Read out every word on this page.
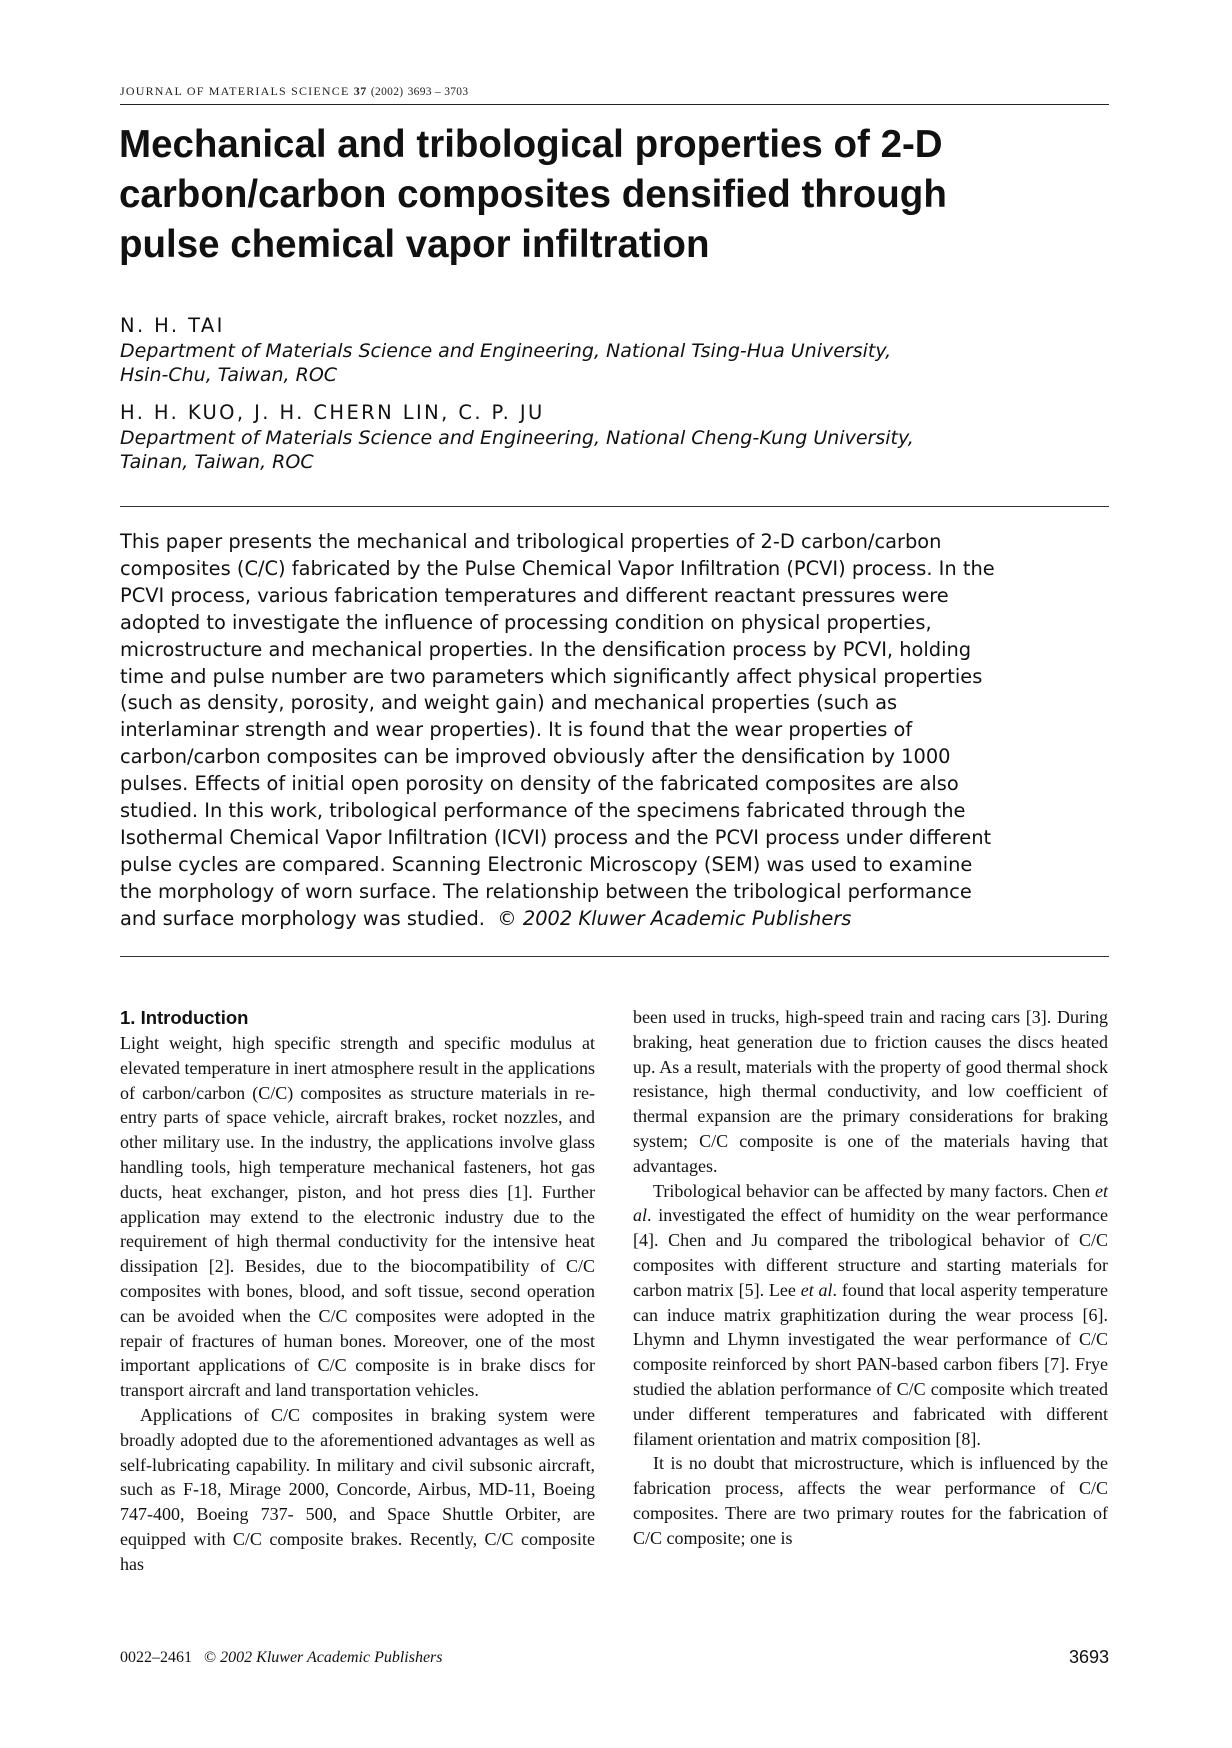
JOURNAL OF MATERIALS SCIENCE 37 (2002) 3693 – 3703
Mechanical and tribological properties of 2-D
carbon/carbon composites densified through
pulse chemical vapor infiltration

N. H. TAI

Department of Materials Science and Engineering, National Tsing-Hua University,
Hsin-Chu, Taiwan, ROC

H. H. KUO, J. H. CHERN LIN, C. P. JU

Department of Materials Science and Engineering, National Cheng-Kung University,
Tainan, Taiwan, ROC

This paper presents the mechanical and tribological properties of 2-D carbon/carbon
composites (C/C) fabricated by the Pulse Chemical Vapor Infiltration (PCVI) process. In the
PCVI process, various fabrication temperatures and different reactant pressures were
adopted to investigate the influence of processing condition on physical properties,
microstructure and mechanical properties. In the densification process by PCVI, holding
time and pulse number are two parameters which significantly affect physical properties
(such as density, porosity, and weight gain) and mechanical properties (such as
interlaminar strength and wear properties). It is found that the wear properties of
carbon/carbon composites can be improved obviously after the densification by 1000
pulses. Effects of initial open porosity on density of the fabricated composites are also
studied. In this work, tribological performance of the specimens fabricated through the
Isothermal Chemical Vapor Infiltration (ICVI) process and the PCVI process under different
pulse cycles are compared. Scanning Electronic Microscopy (SEM) was used to examine
the morphology of worn surface. The relationship between the tribological performance
and surface morphology was studied. © 2002 Kluwer Academic Publishers

1. Introduction

Light weight, high specific strength and specific modulus at elevated temperature in inert atmosphere result in the applications of carbon/carbon (C/C) composites as structure materials in re-entry parts of space vehicle, aircraft brakes, rocket nozzles, and other military use. In the industry, the applications involve glass handling tools, high temperature mechanical fasteners, hot gas ducts, heat exchanger, piston, and hot press dies [1]. Further application may extend to the electronic industry due to the requirement of high thermal conductivity for the intensive heat dissipation [2]. Besides, due to the biocompatibility of C/C composites with bones, blood, and soft tissue, second operation can be avoided when the C/C composites were adopted in the repair of fractures of human bones. Moreover, one of the most important applications of C/C composite is in brake discs for transport aircraft and land transportation vehicles.

Applications of C/C composites in braking system were broadly adopted due to the aforementioned advantages as well as self-lubricating capability. In military and civil subsonic aircraft, such as F-18, Mirage 2000, Concorde, Airbus, MD-11, Boeing 747-400, Boeing 737- 500, and Space Shuttle Orbiter, are equipped with C/C composite brakes. Recently, C/C composite has

been used in trucks, high-speed train and racing cars [3]. During braking, heat generation due to friction causes the discs heated up. As a result, materials with the property of good thermal shock resistance, high thermal conductivity, and low coefficient of thermal expansion are the primary considerations for braking system; C/C composite is one of the materials having that advantages.

Tribological behavior can be affected by many factors. Chen et al. investigated the effect of humidity on the wear performance [4]. Chen and Ju compared the tribological behavior of C/C composites with different structure and starting materials for carbon matrix [5]. Lee et al. found that local asperity temperature can induce matrix graphitization during the wear process [6]. Lhymn and Lhymn investigated the wear performance of C/C composite reinforced by short PAN-based carbon fibers [7]. Frye studied the ablation performance of C/C composite which treated under different temperatures and fabricated with different filament orientation and matrix composition [8].

It is no doubt that microstructure, which is influenced by the fabrication process, affects the wear performance of C/C composites. There are two primary routes for the fabrication of C/C composite; one is

0022–2461 © 2002 Kluwer Academic Publishers	3693
